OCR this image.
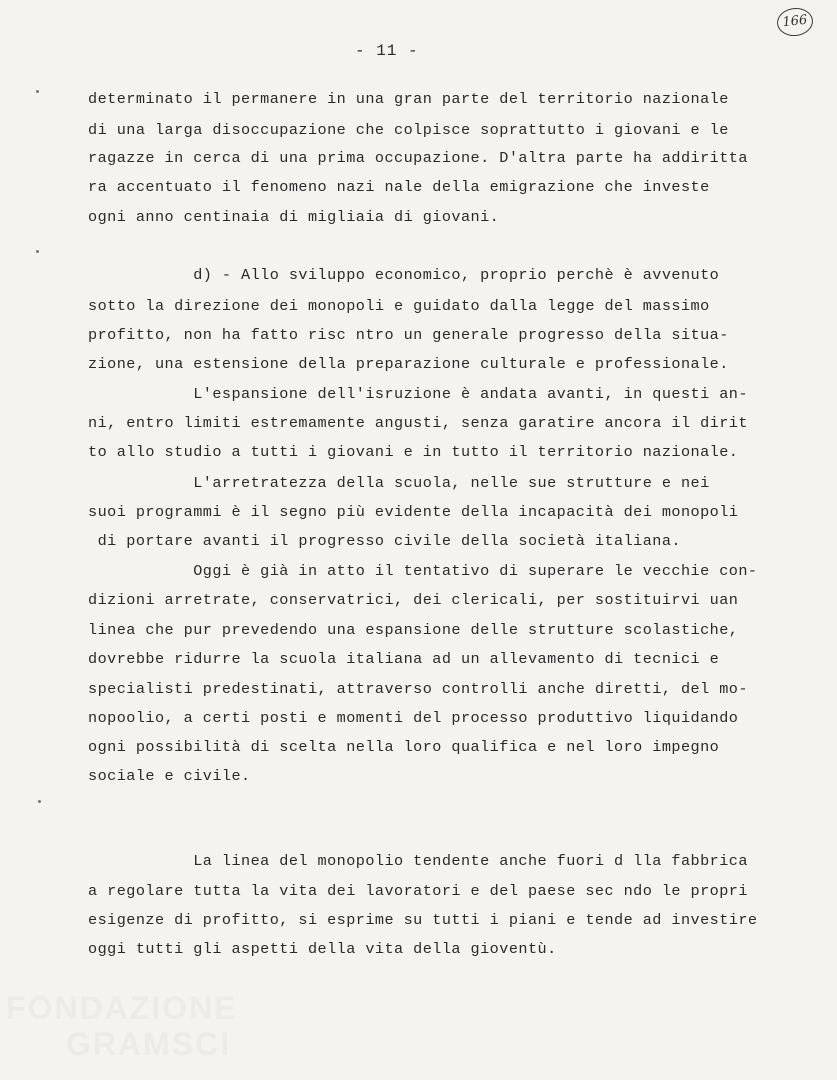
166
- 11 -
determinato il permanere in una gran parte del territorio nazionale
di una larga disoccupazione che colpisce soprattutto i giovani e le
ragazze in cerca di una prima occupazione. D'altra parte ha addiritta
ra accentuato il fenomeno nazi nale della emigrazione che investe
ogni anno centinaia di migliaia di giovani.
d) - Allo sviluppo economico, proprio perchè è avvenuto
sotto la direzione dei monopoli e guidato dalla legge del massimo
profitto, non ha fatto risc ntro un generale progresso della situa-
zione, una estensione della preparazione culturale e professionale.
L'espansione dell'isruzione è andata avanti, in questi an-
ni, entro limiti estremamente angusti, senza garatire ancora il dirit
to allo studio a tutti i giovani e in tutto il territorio nazionale.
L'arretratezza della scuola, nelle sue strutture e nei
suoi programmi è il segno più evidente della incapacità dei monopoli
di portare avanti il progresso civile della società italiana.
Oggi è già in atto il tentativo di superare le vecchie con-
dizioni arretrate, conservatrici, dei clericali, per sostituirvi uan
linea che pur prevedendo una espansione delle strutture scolastiche,
dovrebbe ridurre la scuola italiana ad un allevamento di tecnici e
specialisti predestinati, attraverso controlli anche diretti, del mo-
nopoolio, a certi posti e momenti del processo produttivo liquidando
ogni possibilità di scelta nella loro qualifica e nel loro impegno
sociale e civile.
La linea del monopolio tendente anche fuori d lla fabbrica
a regolare tutta la vita dei lavoratori e del paese sec ndo le propri
esigenze di profitto, si esprime su tutti i piani e tende ad investire
oggi tutti gli aspetti della vita della gioventù.
FONDAZIONE
GRAMSCI
